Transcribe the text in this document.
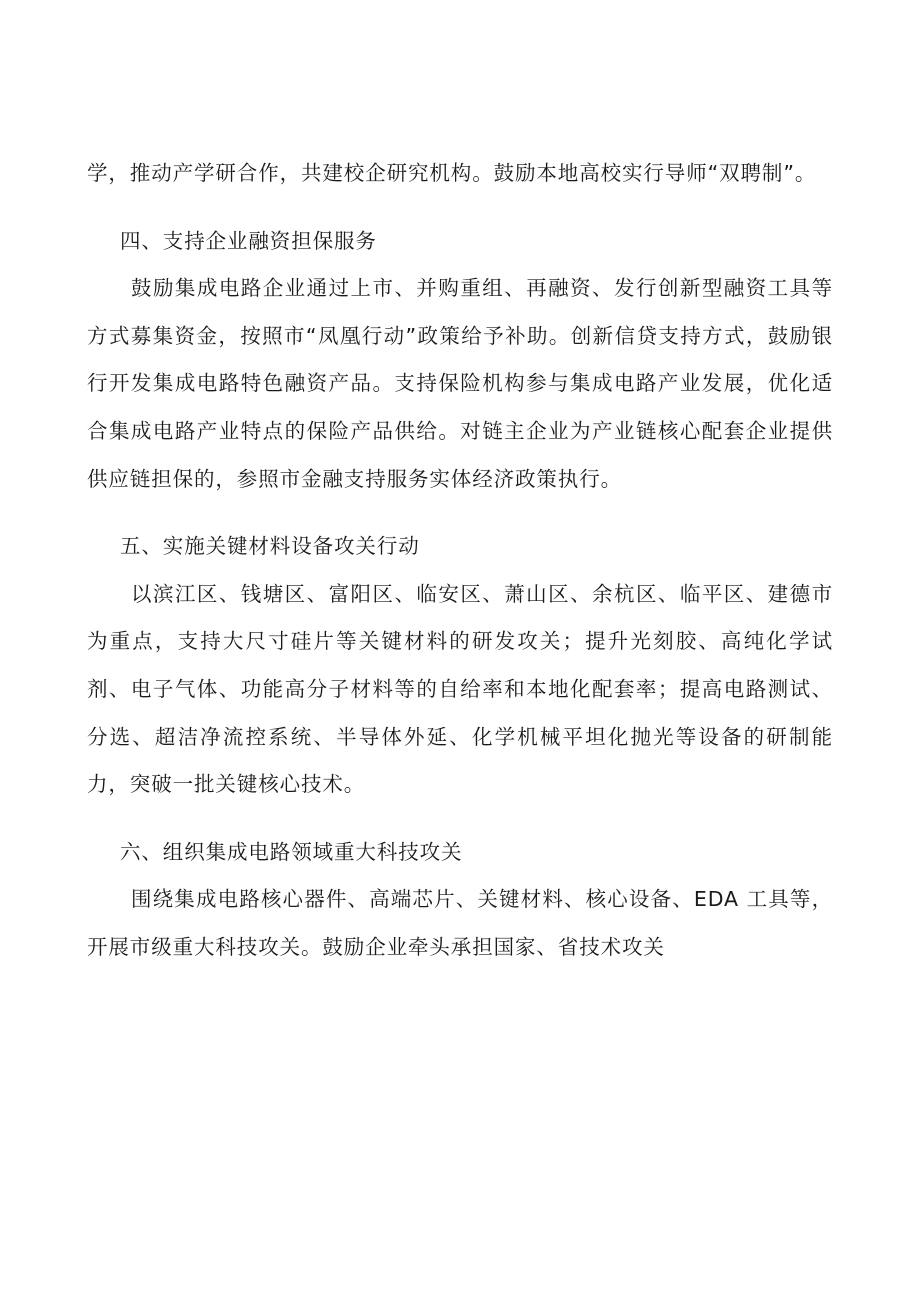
学，推动产学研合作，共建校企研究机构。鼓励本地高校实行导师“双聘制”。

四、支持企业融资担保服务

鼓励集成电路企业通过上市、并购重组、再融资、发行创新型融资工具等方式募集资金，按照市“凤凰行动”政策给予补助。创新信贷支持方式，鼓励银行开发集成电路特色融资产品。支持保险机构参与集成电路产业发展，优化适合集成电路产业特点的保险产品供给。对链主企业为产业链核心配套企业提供供应链担保的，参照市金融支持服务实体经济政策执行。

五、实施关键材料设备攻关行动

以滨江区、钱塘区、富阳区、临安区、萧山区、余杭区、临平区、建德市为重点，支持大尺寸硅片等关键材料的研发攻关；提升光刻胶、高纯化学试剂、电子气体、功能高分子材料等的自给率和本地化配套率；提高电路测试、分选、超洁净流控系统、半导体外延、化学机械平坦化抛光等设备的研制能力，突破一批关键核心技术。

六、组织集成电路领域重大科技攻关

围绕集成电路核心器件、高端芯片、关键材料、核心设备、EDA 工具等，开展市级重大科技攻关。鼓励企业牵头承担国家、省技术攻关
